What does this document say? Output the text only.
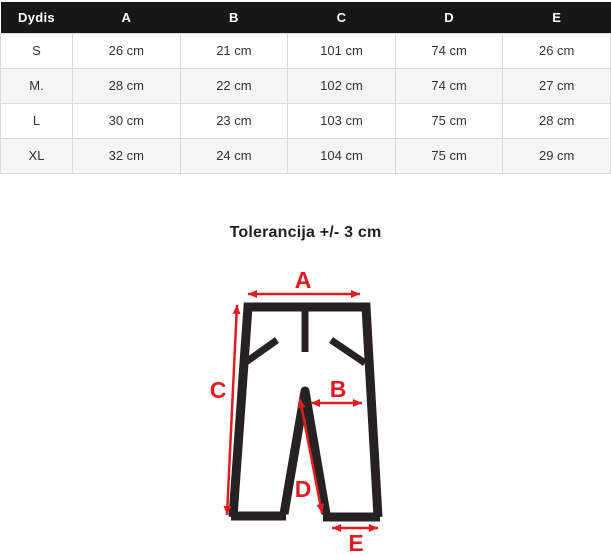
Dydis	A	B	C	D	E
S	26 cm	21 cm	101 cm	74 cm	26 cm
M.	28 cm	22 cm	102 cm	74 cm	27 cm
L	30 cm	23 cm	103 cm	75 cm	28 cm
XL	32 cm	24 cm	104 cm	75 cm	29 cm
Tolerancija +/- 3 cm
A
C	B
D
E
